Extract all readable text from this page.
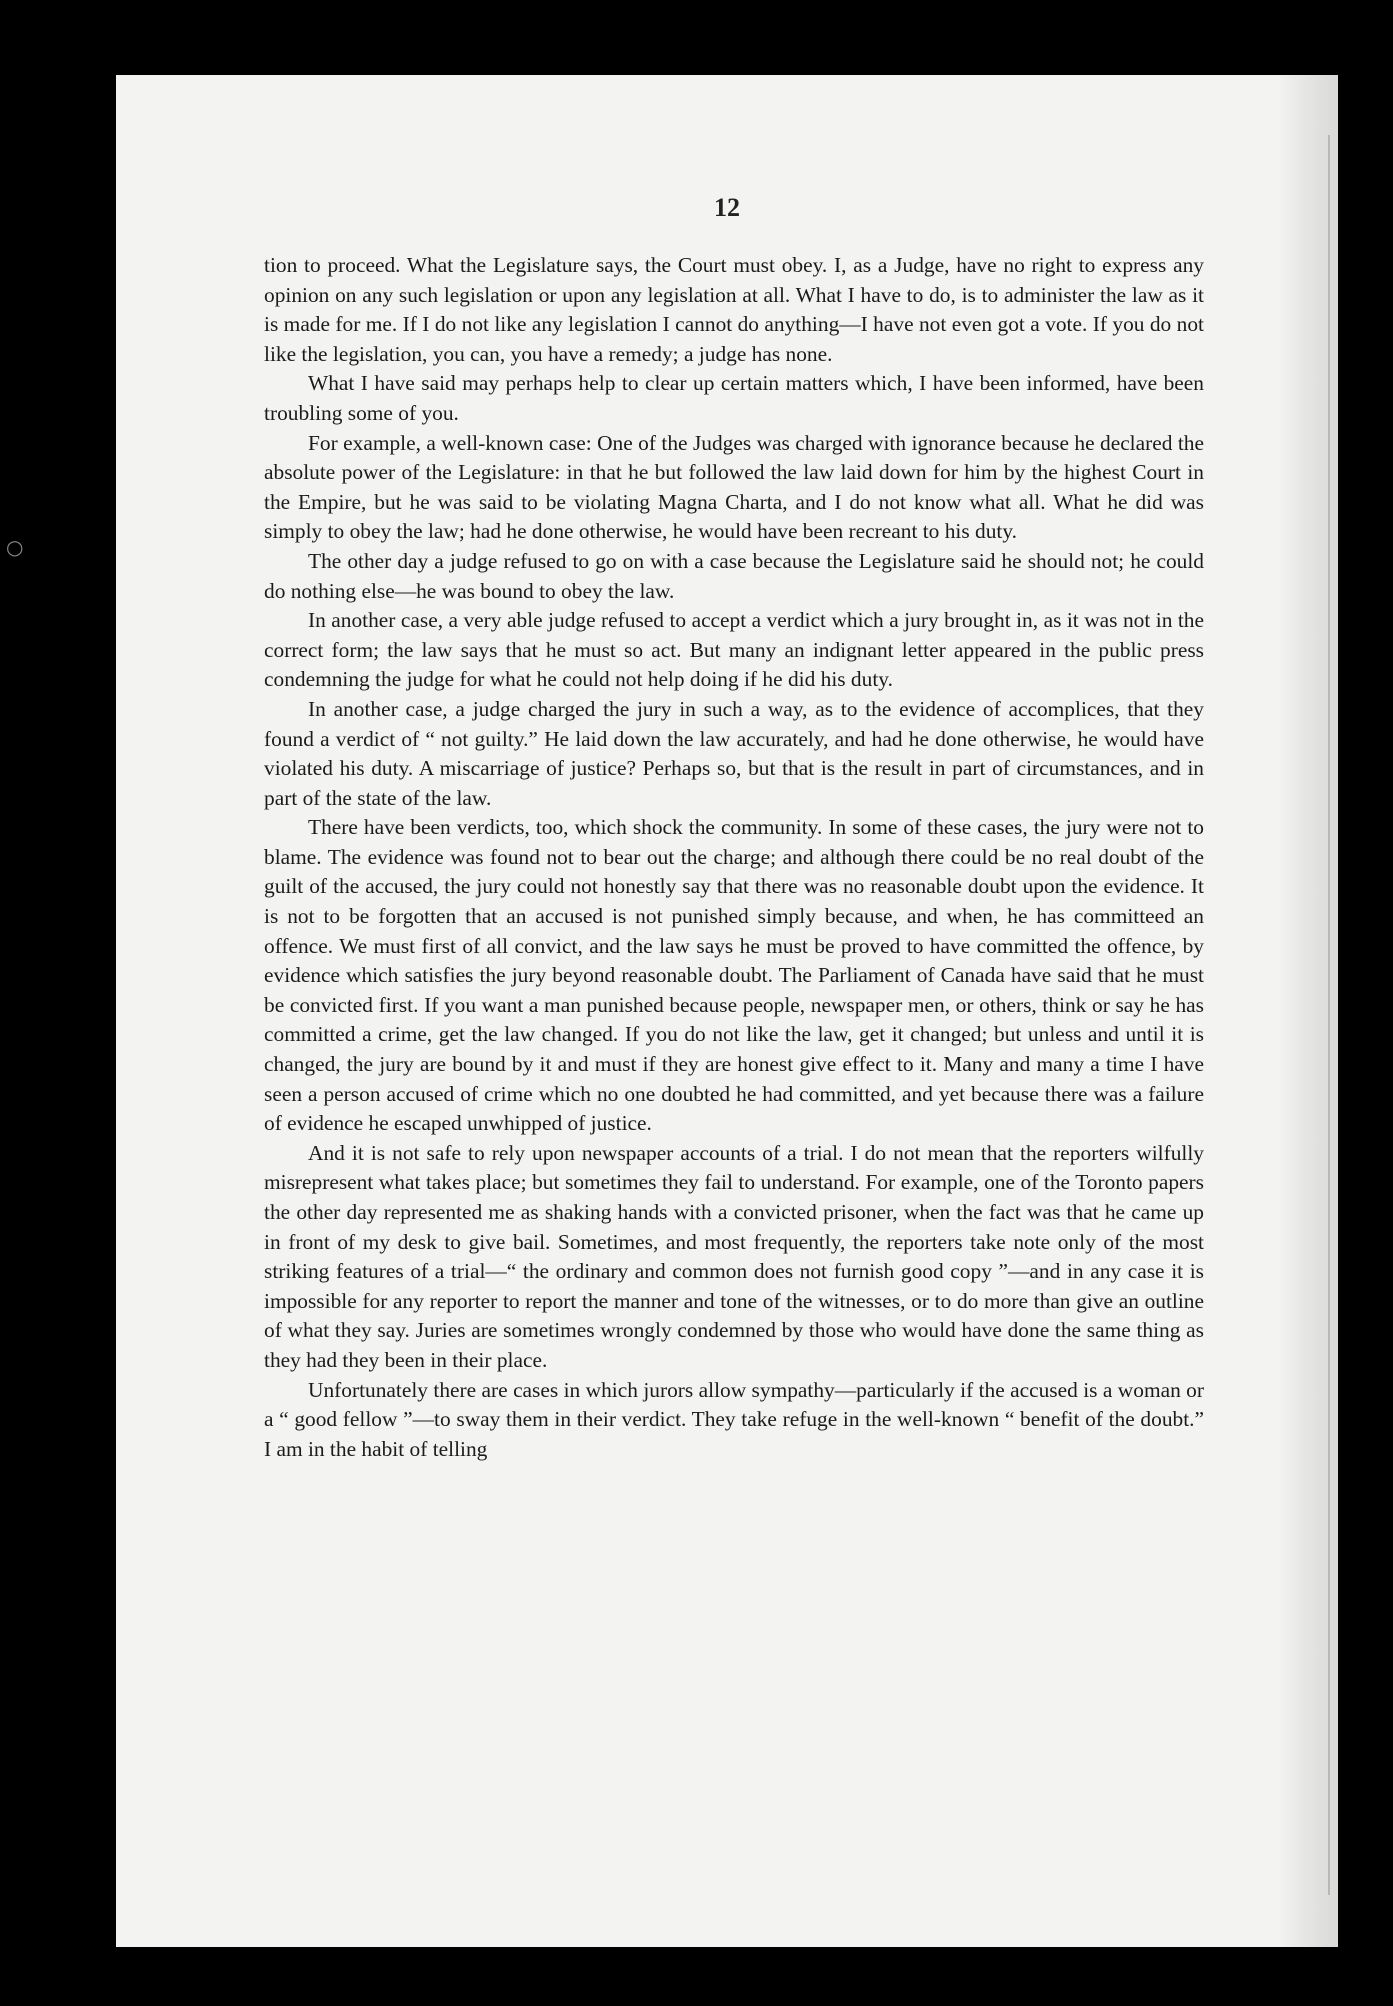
○
12

tion to proceed. What the Legislature says, the Court must obey. I, as a Judge, have no right to express any opinion on any such legislation or upon any legislation at all. What I have to do, is to administer the law as it is made for me. If I do not like any legislation I cannot do anything—I have not even got a vote. If you do not like the legislation, you can, you have a remedy; a judge has none.

What I have said may perhaps help to clear up certain matters which, I have been informed, have been troubling some of you.

For example, a well-known case: One of the Judges was charged with ignorance because he declared the absolute power of the Legislature: in that he but followed the law laid down for him by the highest Court in the Empire, but he was said to be violating Magna Charta, and I do not know what all. What he did was simply to obey the law; had he done otherwise, he would have been recreant to his duty.

The other day a judge refused to go on with a case because the Legislature said he should not; he could do nothing else—he was bound to obey the law.

In another case, a very able judge refused to accept a verdict which a jury brought in, as it was not in the correct form; the law says that he must so act. But many an indignant letter appeared in the public press condemning the judge for what he could not help doing if he did his duty.

In another case, a judge charged the jury in such a way, as to the evidence of accomplices, that they found a verdict of “ not guilty.” He laid down the law accurately, and had he done otherwise, he would have violated his duty. A miscarriage of justice? Perhaps so, but that is the result in part of circumstances, and in part of the state of the law.

There have been verdicts, too, which shock the community. In some of these cases, the jury were not to blame. The evidence was found not to bear out the charge; and although there could be no real doubt of the guilt of the accused, the jury could not honestly say that there was no reasonable doubt upon the evidence. It is not to be forgotten that an accused is not punished simply because, and when, he has committeed an offence. We must first of all convict, and the law says he must be proved to have committed the offence, by evidence which satisfies the jury beyond reasonable doubt. The Parliament of Canada have said that he must be convicted first. If you want a man punished because people, newspaper men, or others, think or say he has committed a crime, get the law changed. If you do not like the law, get it changed; but unless and until it is changed, the jury are bound by it and must if they are honest give effect to it. Many and many a time I have seen a person accused of crime which no one doubted he had committed, and yet because there was a failure of evidence he escaped unwhipped of justice.

And it is not safe to rely upon newspaper accounts of a trial. I do not mean that the reporters wilfully misrepresent what takes place; but sometimes they fail to understand. For example, one of the Toronto papers the other day represented me as shaking hands with a convicted prisoner, when the fact was that he came up in front of my desk to give bail. Sometimes, and most frequently, the reporters take note only of the most striking features of a trial—“ the ordinary and common does not furnish good copy ”—and in any case it is impossible for any reporter to report the manner and tone of the witnesses, or to do more than give an outline of what they say. Juries are sometimes wrongly condemned by those who would have done the same thing as they had they been in their place.

Unfortunately there are cases in which jurors allow sympathy—particularly if the accused is a woman or a “ good fellow ”—to sway them in their verdict. They take refuge in the well-known “ benefit of the doubt.” I am in the habit of telling
